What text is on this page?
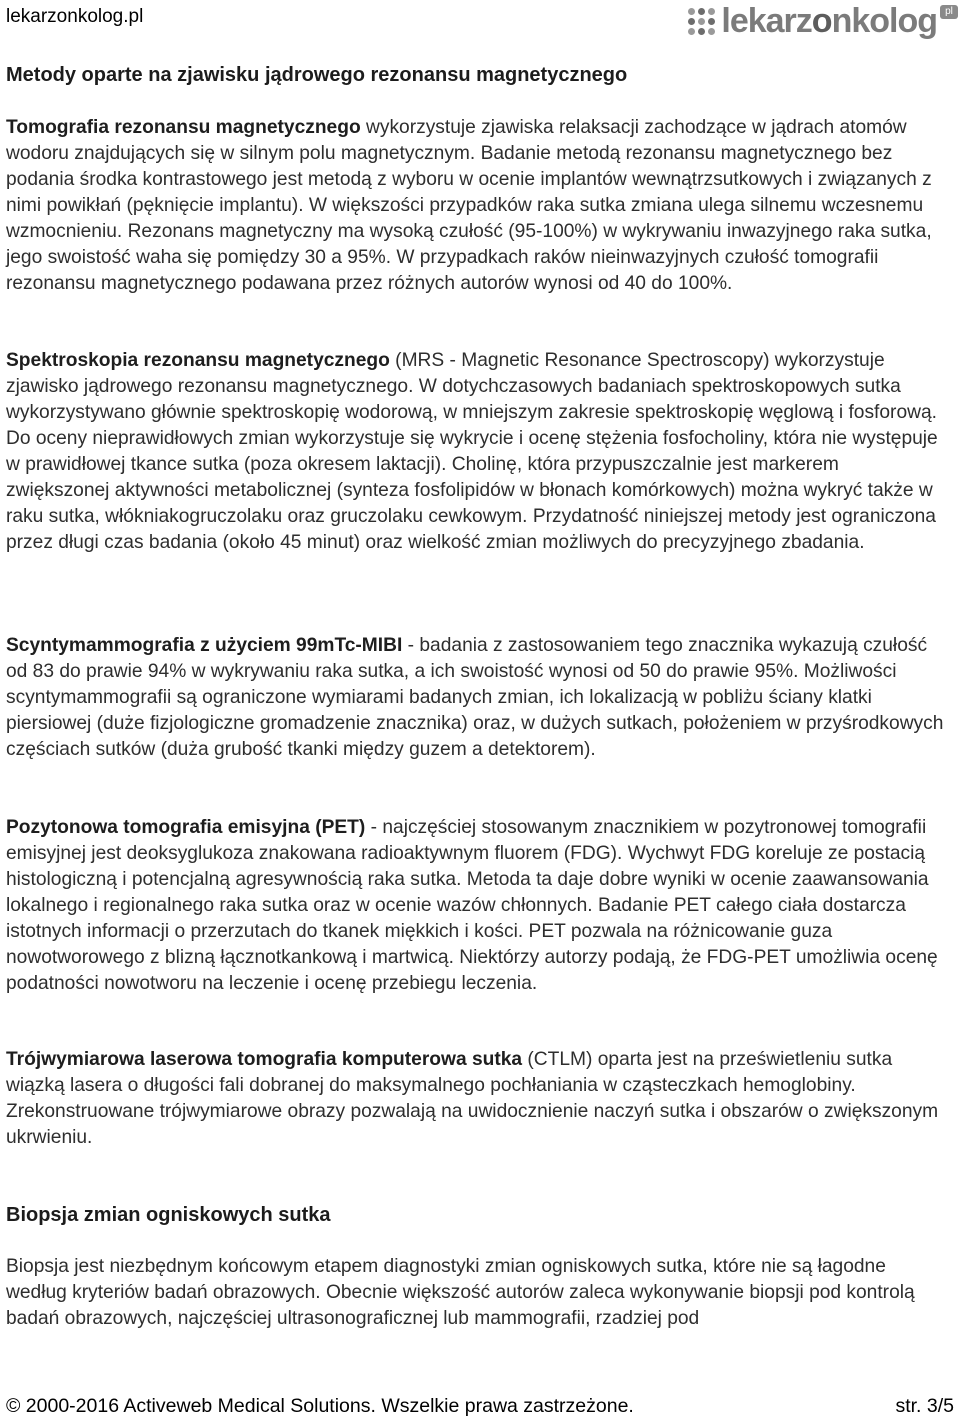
lekarzonkolog.pl	lekarzonkolog pl
Metody oparte na zjawisku jądrowego rezonansu magnetycznego

Tomografia rezonansu magnetycznego wykorzystuje zjawiska relaksacji zachodzące w jądrach atomów wodoru znajdujących się w silnym polu magnetycznym. Badanie metodą rezonansu magnetycznego bez podania środka kontrastowego jest metodą z wyboru w ocenie implantów wewnątrzsutkowych i związanych z nimi powikłań (pęknięcie implantu). W większości przypadków raka sutka zmiana ulega silnemu wczesnemu wzmocnieniu. Rezonans magnetyczny ma wysoką czułość (95-100%) w wykrywaniu inwazyjnego raka sutka, jego swoistość waha się pomiędzy 30 a 95%. W przypadkach raków nieinwazyjnych czułość tomografii rezonansu magnetycznego podawana przez różnych autorów wynosi od 40 do 100%.

Spektroskopia rezonansu magnetycznego (MRS - Magnetic Resonance Spectroscopy) wykorzystuje zjawisko jądrowego rezonansu magnetycznego. W dotychczasowych badaniach spektroskopowych sutka wykorzystywano głównie spektroskopię wodorową, w mniejszym zakresie spektroskopię węglową i fosforową. Do oceny nieprawidłowych zmian wykorzystuje się wykrycie i ocenę stężenia fosfocholiny, która nie występuje w prawidłowej tkance sutka (poza okresem laktacji). Cholinę, która przypuszczalnie jest markerem zwiększonej aktywności metabolicznej (synteza fosfolipidów w błonach komórkowych) można wykryć także w raku sutka, włókniakogruczolaku oraz gruczolaku cewkowym. Przydatność niniejszej metody jest ograniczona przez długi czas badania (około 45 minut) oraz wielkość zmian możliwych do precyzyjnego zbadania.

Scyntymammografia z użyciem 99mTc-MIBI - badania z zastosowaniem tego znacznika wykazują czułość od 83 do prawie 94% w wykrywaniu raka sutka, a ich swoistość wynosi od 50 do prawie 95%. Możliwości scyntymammografii są ograniczone wymiarami badanych zmian, ich lokalizacją w pobliżu ściany klatki piersiowej (duże fizjologiczne gromadzenie znacznika) oraz, w dużych sutkach, położeniem w przyśrodkowych częściach sutków (duża grubość tkanki między guzem a detektorem).

Pozytonowa tomografia emisyjna (PET) - najczęściej stosowanym znacznikiem w pozytronowej tomografii emisyjnej jest deoksyglukoza znakowana radioaktywnym fluorem (FDG). Wychwyt FDG koreluje ze postacią histologiczną i potencjalną agresywnością raka sutka. Metoda ta daje dobre wyniki w ocenie zaawansowania lokalnego i regionalnego raka sutka oraz w ocenie wazów chłonnych. Badanie PET całego ciała dostarcza istotnych informacji o przerzutach do tkanek miękkich i kości. PET pozwala na różnicowanie guza nowotworowego z blizną łącznotkankową i martwicą. Niektórzy autorzy podają, że FDG-PET umożliwia ocenę podatności nowotworu na leczenie i ocenę przebiegu leczenia.

Trójwymiarowa laserowa tomografia komputerowa sutka (CTLM) oparta jest na prześwietleniu sutka wiązką lasera o długości fali dobranej do maksymalnego pochłaniania w cząsteczkach hemoglobiny. Zrekonstruowane trójwymiarowe obrazy pozwalają na uwidocznienie naczyń sutka i obszarów o zwiększonym ukrwieniu.

Biopsja zmian ogniskowych sutka

Biopsja jest niezbędnym końcowym etapem diagnostyki zmian ogniskowych sutka, które nie są łagodne według kryteriów badań obrazowych. Obecnie większość autorów zaleca wykonywanie biopsji pod kontrolą badań obrazowych, najczęściej ultrasonograficznej lub mammografii, rzadziej pod

© 2000-2016 Activeweb Medical Solutions. Wszelkie prawa zastrzeżone.	str. 3/5
